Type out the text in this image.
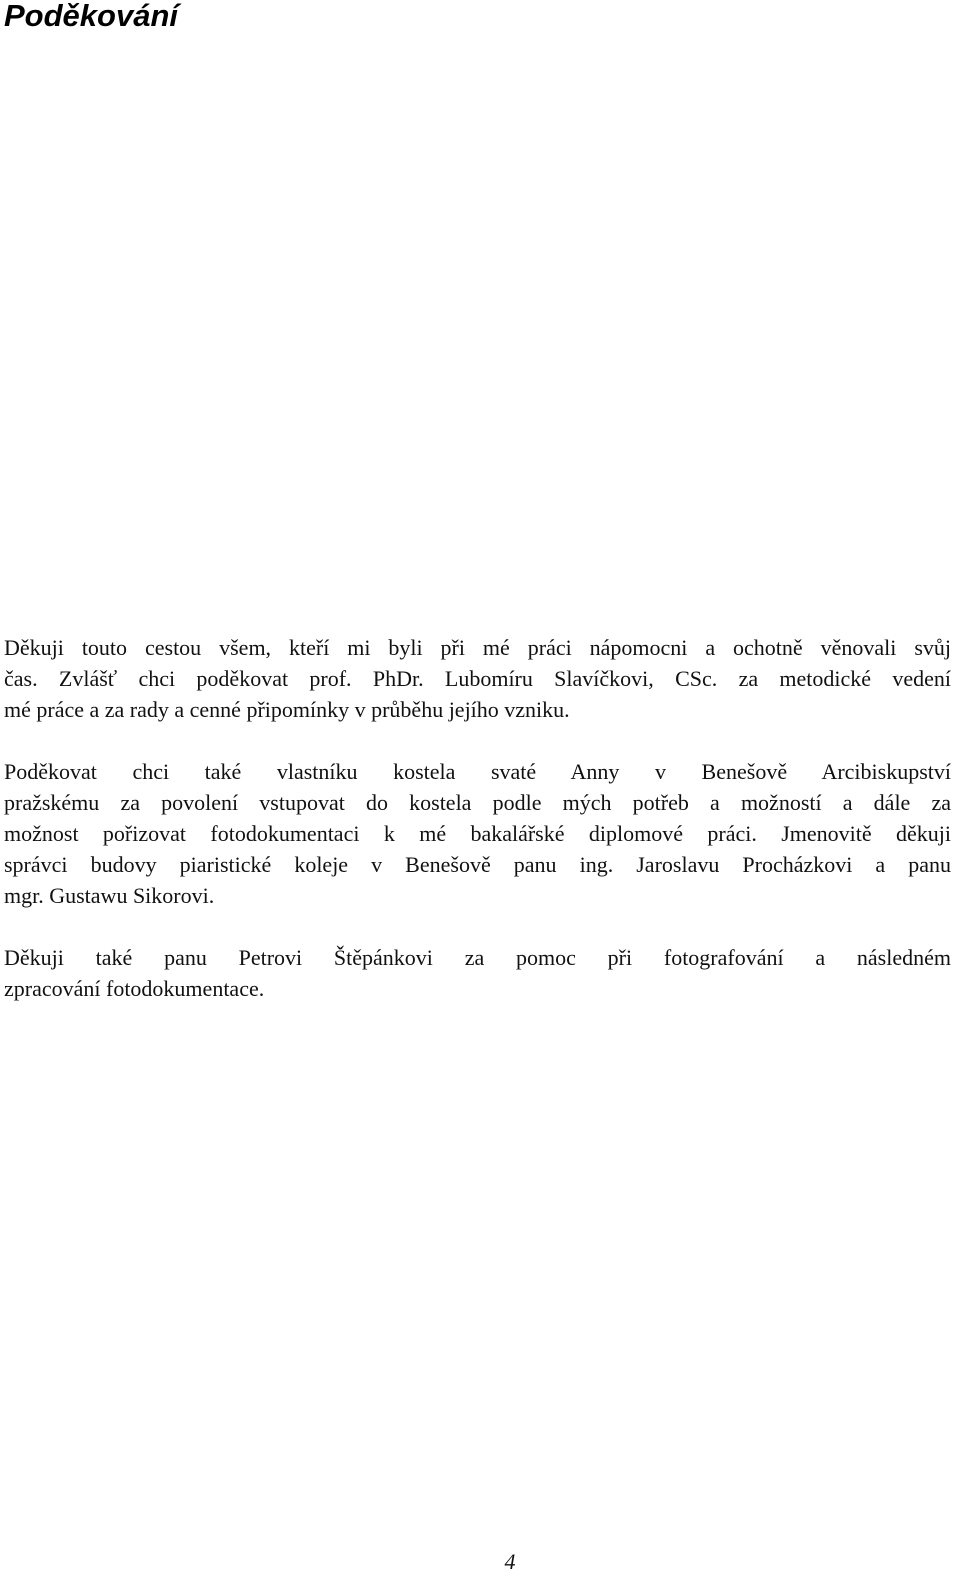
Poděkování
Děkuji touto cestou všem, kteří mi byli při mé práci nápomocni a ochotně věnovali svůj
čas. Zvlášť chci poděkovat prof. PhDr. Lubomíru Slavíčkovi, CSc. za metodické vedení
mé práce a za rady a cenné připomínky v průběhu jejího vzniku.
Poděkovat chci také vlastníku kostela svaté Anny v Benešově Arcibiskupství
pražskému za povolení vstupovat do kostela podle mých potřeb a možností a dále za
možnost pořizovat fotodokumentaci k mé bakalářské diplomové práci. Jmenovitě děkuji
správci budovy piaristické koleje v Benešově panu ing. Jaroslavu Procházkovi a panu
mgr. Gustawu Sikorovi.
Děkuji také panu Petrovi Štěpánkovi za pomoc při fotografování a následném
zpracování fotodokumentace.
4
